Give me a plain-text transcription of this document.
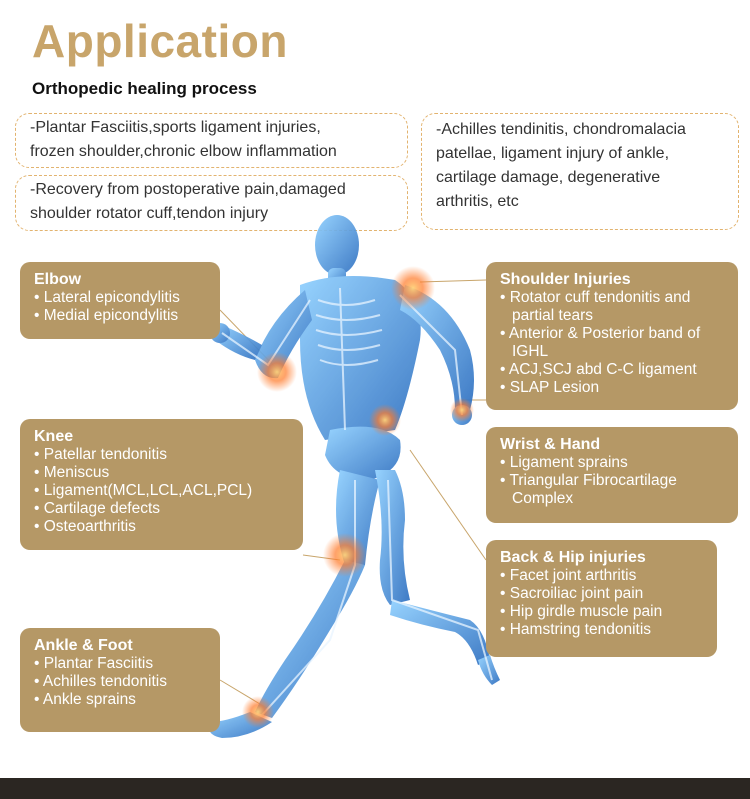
Application
Orthopedic healing process
-Plantar Fasciitis,sports ligament injuries,
frozen shoulder,chronic elbow inflammation
-Recovery from postoperative pain,damaged
shoulder rotator cuff,tendon injury
-Achilles tendinitis, chondromalacia
patellae, ligament injury of ankle,
cartilage damage, degenerative
arthritis, etc
Elbow
• Lateral epicondylitis
• Medial epicondylitis
Knee
• Patellar tendonitis
• Meniscus
• Ligament(MCL,LCL,ACL,PCL)
• Cartilage defects
• Osteoarthritis
Ankle & Foot
• Plantar Fasciitis
• Achilles tendonitis
• Ankle sprains
Shoulder Injuries
• Rotator cuff tendonitis and partial tears
• Anterior & Posterior band of IGHL
• ACJ,SCJ abd C-C ligament
• SLAP Lesion
Wrist & Hand
• Ligament sprains
• Triangular Fibrocartilage Complex
Back & Hip injuries
• Facet joint arthritis
• Sacroiliac joint pain
• Hip girdle muscle pain
• Hamstring tendonitis
